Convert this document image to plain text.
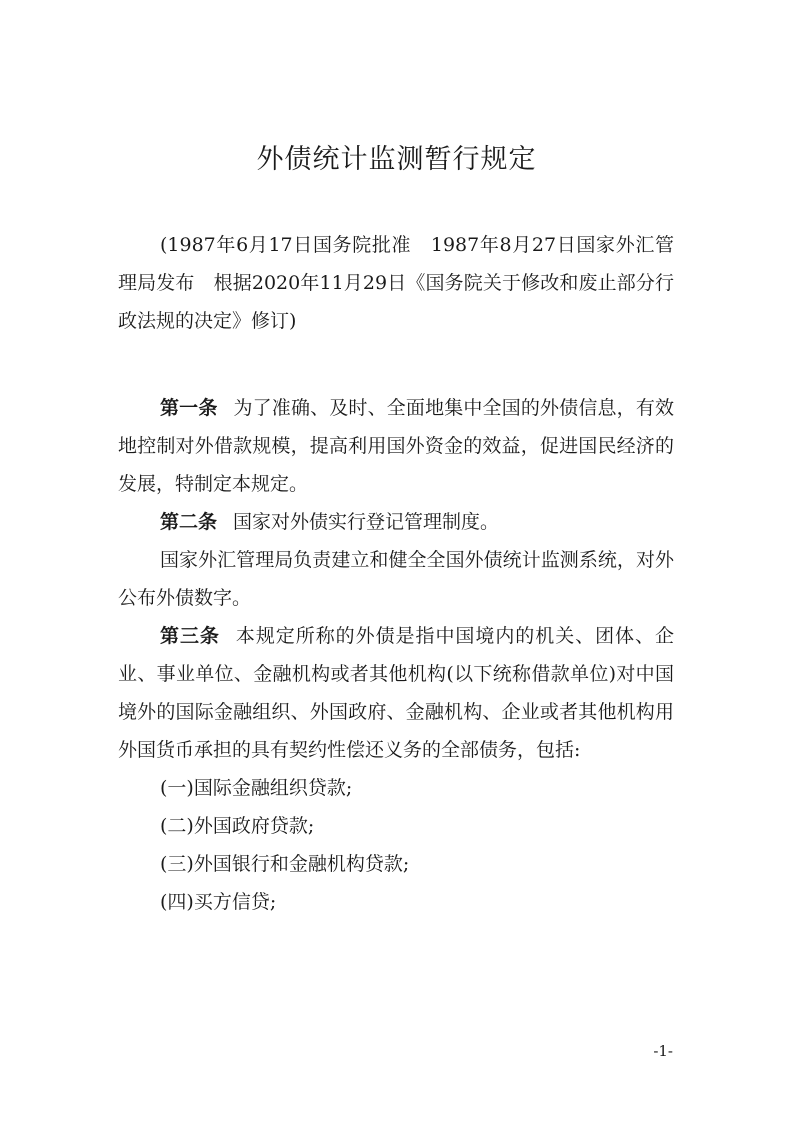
外债统计监测暂行规定

(1987年6月17日国务院批准　1987年8月27日国家外汇管理局发布　根据2020年11月29日《国务院关于修改和废止部分行政法规的决定》修订)

第一条 为了准确、及时、全面地集中全国的外债信息，有效地控制对外借款规模，提高利用国外资金的效益，促进国民经济的发展，特制定本规定。

第二条 国家对外债实行登记管理制度。

国家外汇管理局负责建立和健全全国外债统计监测系统，对外公布外债数字。

第三条 本规定所称的外债是指中国境内的机关、团体、企业、事业单位、金融机构或者其他机构(以下统称借款单位)对中国境外的国际金融组织、外国政府、金融机构、企业或者其他机构用外国货币承担的具有契约性偿还义务的全部债务，包括:

(一)国际金融组织贷款;

(二)外国政府贷款;

(三)外国银行和金融机构贷款;

(四)买方信贷;

-1-
